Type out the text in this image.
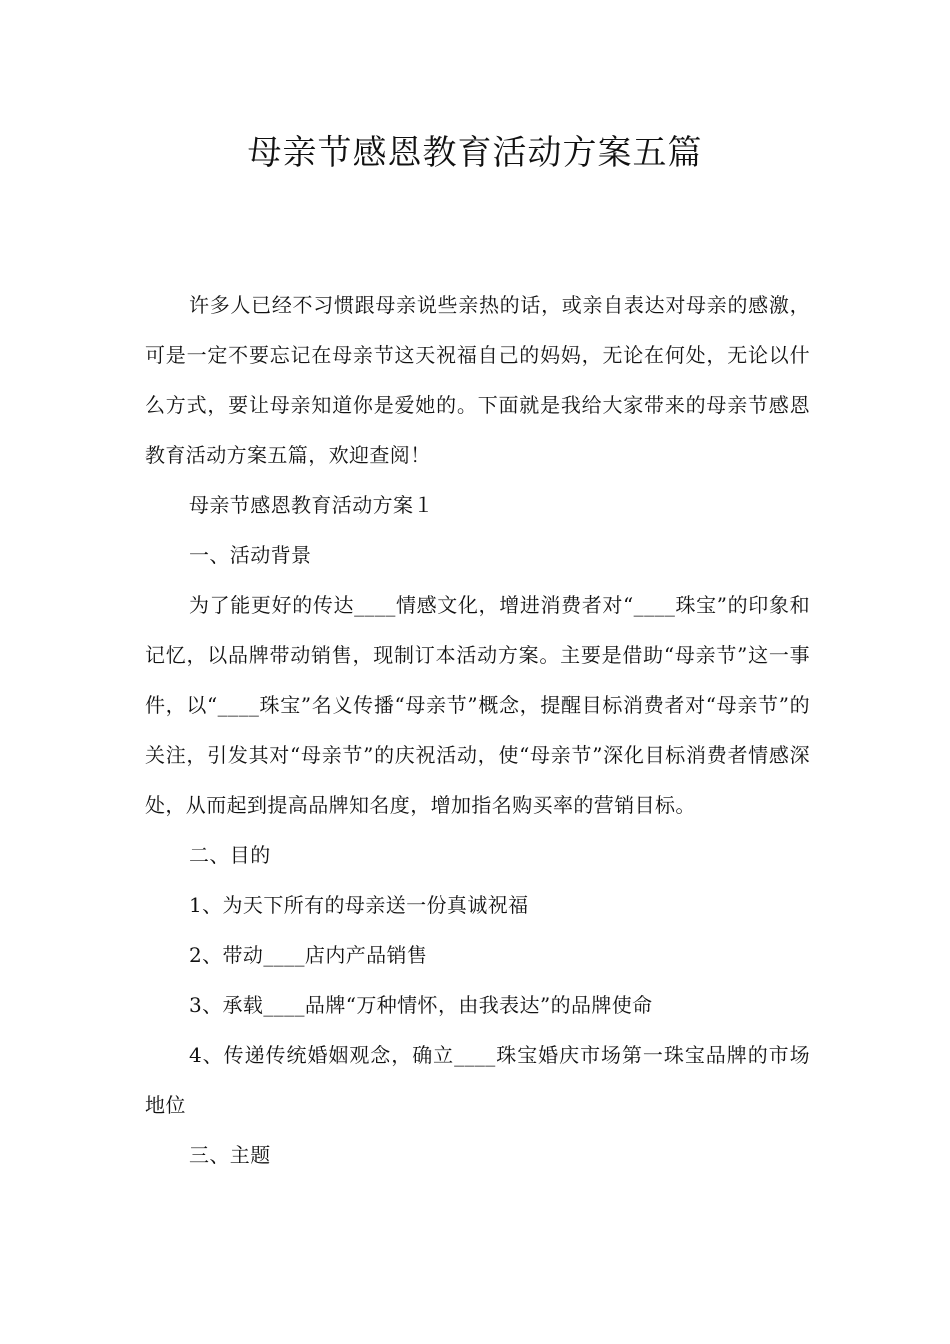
母亲节感恩教育活动方案五篇

许多人已经不习惯跟母亲说些亲热的话，或亲自表达对母亲的感激，可是一定不要忘记在母亲节这天祝福自己的妈妈，无论在何处，无论以什么方式，要让母亲知道你是爱她的。下面就是我给大家带来的母亲节感恩教育活动方案五篇，欢迎查阅！

母亲节感恩教育活动方案１

一、活动背景

为了能更好的传达____情感文化，增进消费者对“____珠宝”的印象和记忆，以品牌带动销售，现制订本活动方案。主要是借助“母亲节”这一事件，以“____珠宝”名义传播“母亲节”概念，提醒目标消费者对“母亲节”的关注，引发其对“母亲节”的庆祝活动，使“母亲节”深化目标消费者情感深处，从而起到提高品牌知名度，增加指名购买率的营销目标。

二、目的

1、为天下所有的母亲送一份真诚祝福

2、带动____店内产品销售

3、承载____品牌“万种情怀，由我表达”的品牌使命

4、传递传统婚姻观念，确立____珠宝婚庆市场第一珠宝品牌的市场地位

三、主题
